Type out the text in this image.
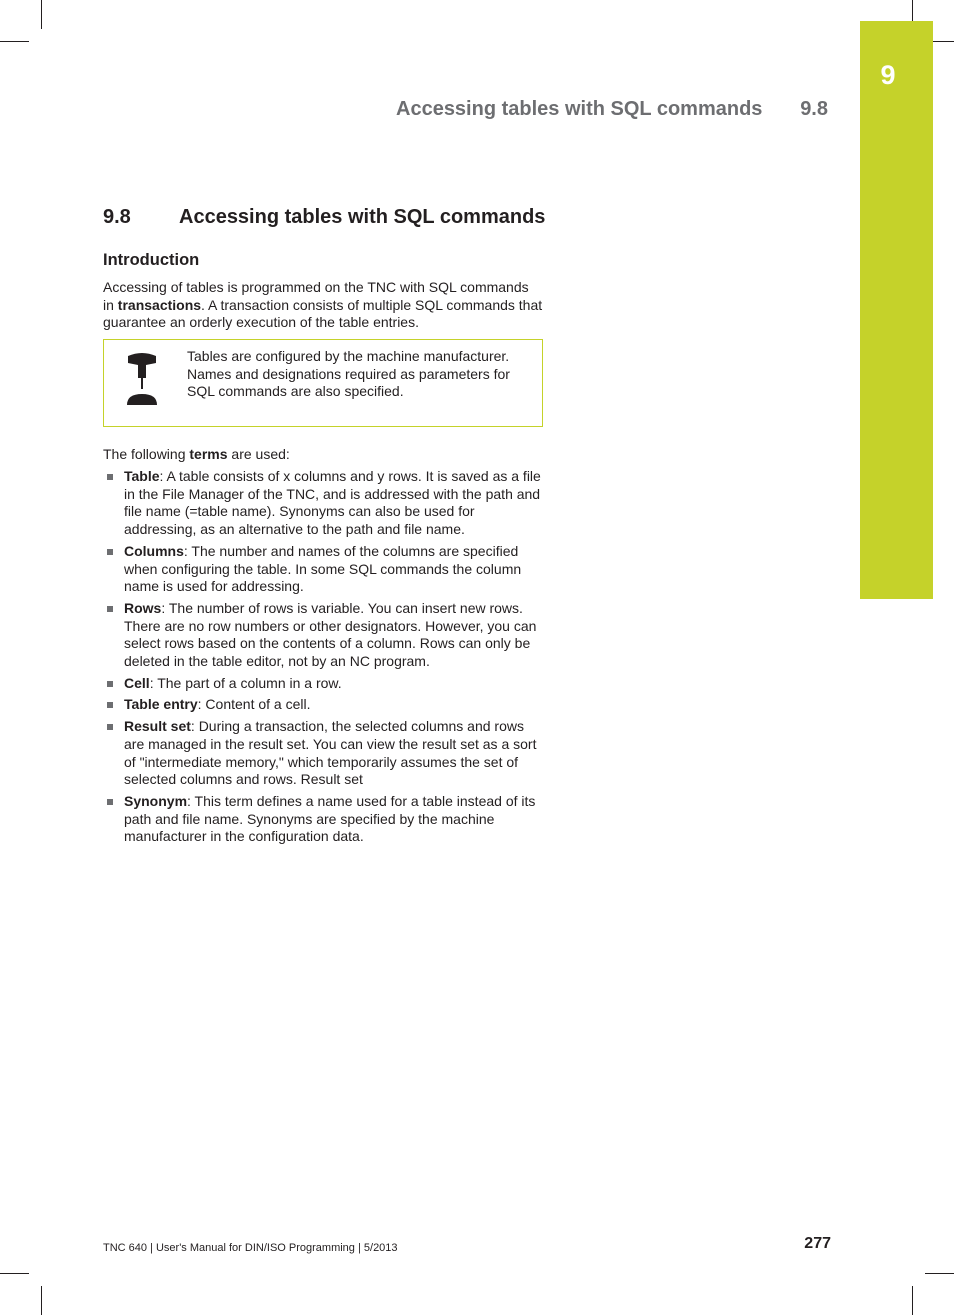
9
Accessing tables with SQL commands 9.8
9.8 Accessing tables with SQL commands
Introduction
Accessing of tables is programmed on the TNC with SQL commands in transactions. A transaction consists of multiple SQL commands that guarantee an orderly execution of the table entries.
Tables are configured by the machine manufacturer. Names and designations required as parameters for SQL commands are also specified.
The following terms are used:
Table: A table consists of x columns and y rows. It is saved as a file in the File Manager of the TNC, and is addressed with the path and file name (=table name). Synonyms can also be used for addressing, as an alternative to the path and file name.
Columns: The number and names of the columns are specified when configuring the table. In some SQL commands the column name is used for addressing.
Rows: The number of rows is variable. You can insert new rows. There are no row numbers or other designators. However, you can select rows based on the contents of a column. Rows can only be deleted in the table editor, not by an NC program.
Cell: The part of a column in a row.
Table entry: Content of a cell.
Result set: During a transaction, the selected columns and rows are managed in the result set. You can view the result set as a sort of "intermediate memory," which temporarily assumes the set of selected columns and rows. Result set
Synonym: This term defines a name used for a table instead of its path and file name. Synonyms are specified by the machine manufacturer in the configuration data.
TNC 640 | User's Manual for DIN/ISO Programming | 5/2013	277
